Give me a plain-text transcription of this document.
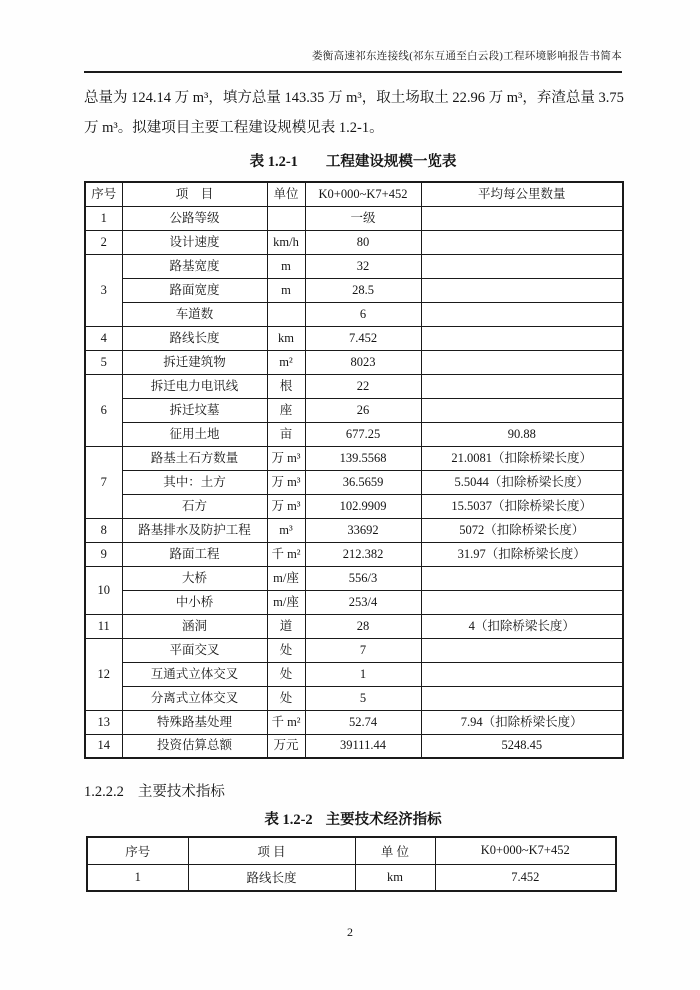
娄衡高速祁东连接线(祁东互通至白云段)工程环境影响报告书简本
总量为 124.14 万 m³，填方总量 143.35 万 m³，取土场取土 22.96 万 m³，弃渣总量 3.75
万 m³。拟建项目主要工程建设规模见表 1.2-1。
表 1.2-1 工程建设规模一览表
序号	项　目	单位	K0+000~K7+452	平均每公里数量
1	公路等级		一级	
2	设计速度	km/h	80	
3	路基宽度	m	32	
	路面宽度	m	28.5	
	车道数		6	
4	路线长度	km	7.452	
5	拆迁建筑物	m²	8023	
6	拆迁电力电讯线	根	22	
	拆迁坟墓	座	26	
	征用土地	亩	677.25	90.88
7	路基土石方数量	万 m³	139.5568	21.0081（扣除桥梁长度）
	其中：土方	万 m³	36.5659	5.5044（扣除桥梁长度）
	石方	万 m³	102.9909	15.5037（扣除桥梁长度）
8	路基排水及防护工程	m³	33692	5072（扣除桥梁长度）
9	路面工程	千 m²	212.382	31.97（扣除桥梁长度）
10	大桥	m/座	556/3	
	中小桥	m/座	253/4	
11	涵洞	道	28	4（扣除桥梁长度）
12	平面交叉	处	7	
	互通式立体交叉	处	1	
	分离式立体交叉	处	5	
13	特殊路基处理	千 m²	52.74	7.94（扣除桥梁长度）
14	投资估算总额	万元	39111.44	5248.45
1.2.2.2 主要技术指标
表 1.2-2 主要技术经济指标
序号	项 目	单 位	K0+000~K7+452
1	路线长度	km	7.452
2
